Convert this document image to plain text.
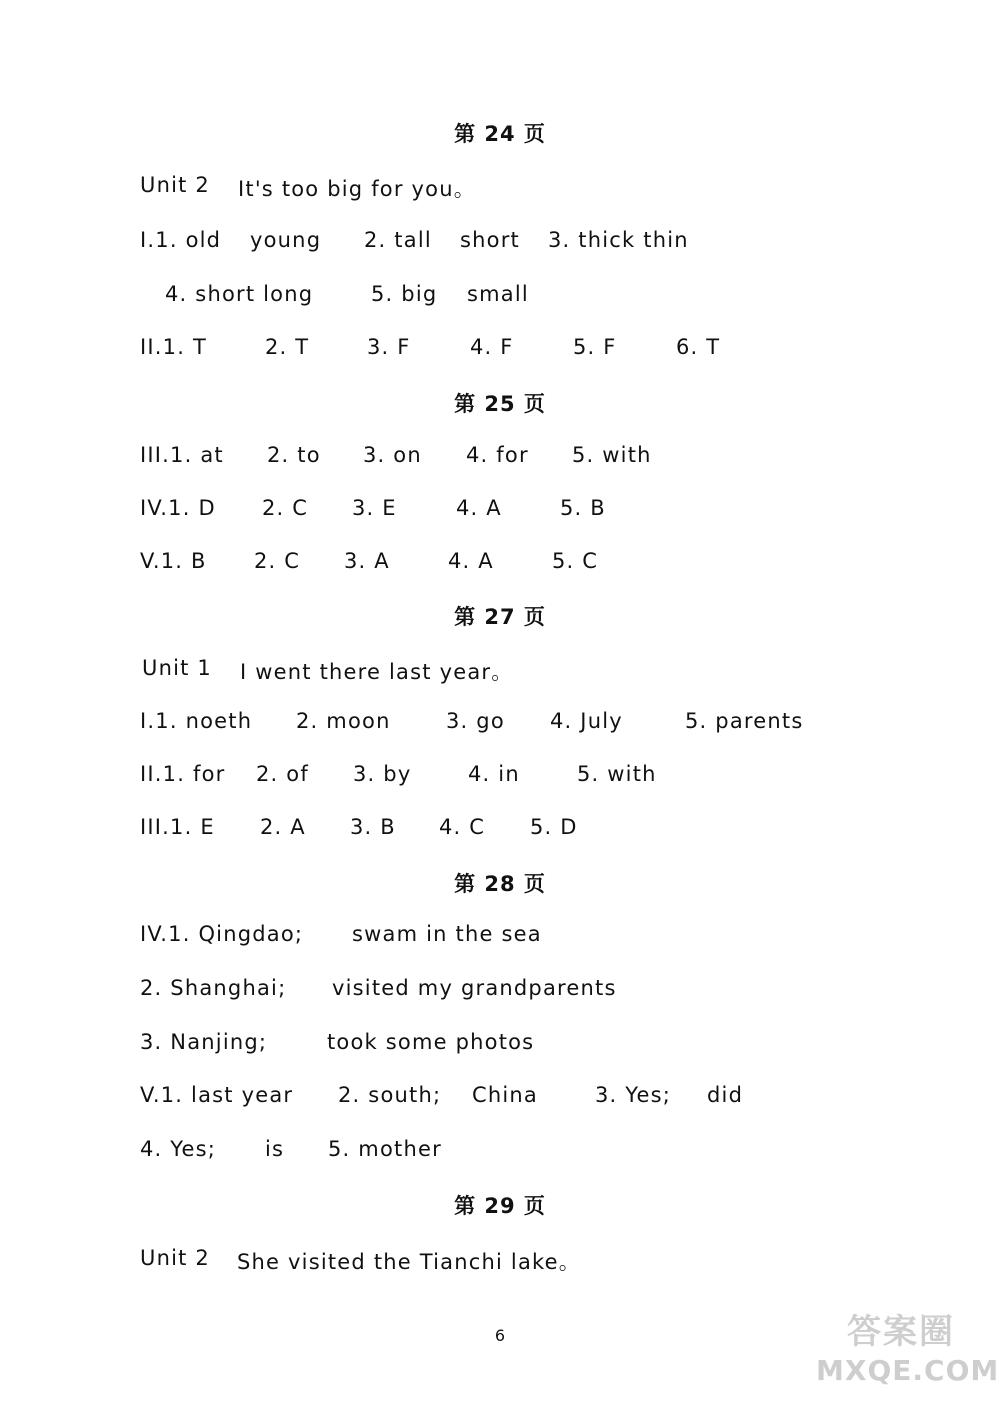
第 24 页

Unit 2

It's too big for you。

I.1. old

young

2. tall

short

3. thick thin

4. short long

	5. big

small

II.1. T

	2. T

	3. F

	4. F

	5. F

	6. T

第 25 页

III.1. at

2. to

3. on

4. for

5. with

IV.1. D

2. C

3. E

	4. A

	5. B

V.1. B

2. C

3. A

	4. A

	5. C

第 27 页

Unit 1

I went there last year。

I.1. noeth

2. moon

	3. go

4. July

	5. parents

II.1. for

2. of

3. by

	4. in

	5. with

III.1. E

2. A

3. B

4. C

5. D

第 28 页

IV.1. Qingdao;

swam in the sea

2. Shanghai;

visited my grandparents

3. Nanjing;

	took some photos

V.1. last year

2. south;

China

	3. Yes;

did

4. Yes;

is

5. mother

第 29 页

Unit 2

She visited the Tianchi lake。

6	答案圈
MXQE.COM
